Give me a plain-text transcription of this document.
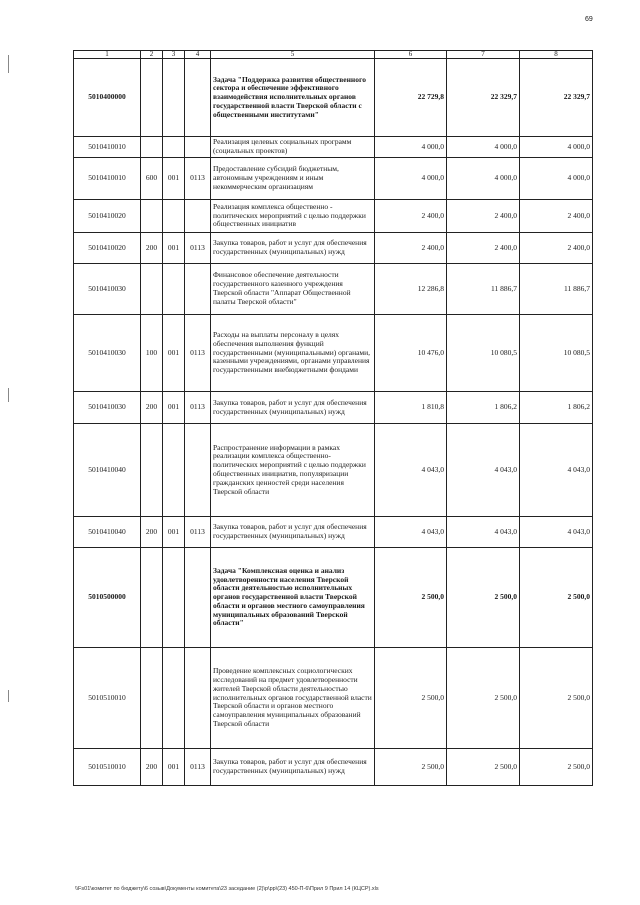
69
1	2	3	4	5	6	7	8
5010400000				Задача "Поддержка развития общественного сектора и обеспечение эффективного взаимодействия исполнительных органов государственной власти Тверской области с общественными институтами"	22 729,8	22 329,7	22 329,7
5010410010				Реализация целевых социальных программ (социальных проектов)	4 000,0	4 000,0	4 000,0
5010410010	600	001	0113	Предоставление субсидий бюджетным, автономным учреждениям и иным некоммерческим организациям	4 000,0	4 000,0	4 000,0
5010410020				Реализация комплекса общественно - политических мероприятий с целью поддержки общественных инициатив	2 400,0	2 400,0	2 400,0
5010410020	200	001	0113	Закупка товаров, работ и услуг для обеспечения государственных (муниципальных) нужд	2 400,0	2 400,0	2 400,0
5010410030				Финансовое обеспечение деятельности государственного казенного учреждения Тверской области "Аппарат Общественной палаты Тверской области"	12 286,8	11 886,7	11 886,7
5010410030	100	001	0113	Расходы на выплаты персоналу в целях обеспечения выполнения функций государственными (муниципальными) органами, казенными учреждениями, органами управления государственными внебюджетными фондами	10 476,0	10 080,5	10 080,5
5010410030	200	001	0113	Закупка товаров, работ и услуг для обеспечения государственных (муниципальных) нужд	1 810,8	1 806,2	1 806,2
5010410040				Распространение информации в рамках реализации комплекса общественно-политических мероприятий с целью поддержки общественных инициатив, популяризации гражданских ценностей среди населения Тверской области	4 043,0	4 043,0	4 043,0
5010410040	200	001	0113	Закупка товаров, работ и услуг для обеспечения государственных (муниципальных) нужд	4 043,0	4 043,0	4 043,0
5010500000				Задача "Комплексная оценка и анализ удовлетворенности населения Тверской области деятельностью исполнительных органов государственной власти Тверской области и органов местного самоуправления муниципальных образований Тверской области"	2 500,0	2 500,0	2 500,0
5010510010				Проведение комплексных социологических исследований на предмет удовлетворенности жителей Тверской области деятельностью исполнительных органов государственной власти Тверской области и органов местного самоуправления муниципальных образований Тверской области	2 500,0	2 500,0	2 500,0
5010510010	200	001	0113	Закупка товаров, работ и услуг для обеспечения государственных (муниципальных) нужд	2 500,0	2 500,0	2 500,0
\\Fs01\комитет по бюджету\6 созыв\Документы комитета\23 заседание (2)\р\рр\(23) 450-П-6\Прил 9 Прил 14 (КЦСР).xls
